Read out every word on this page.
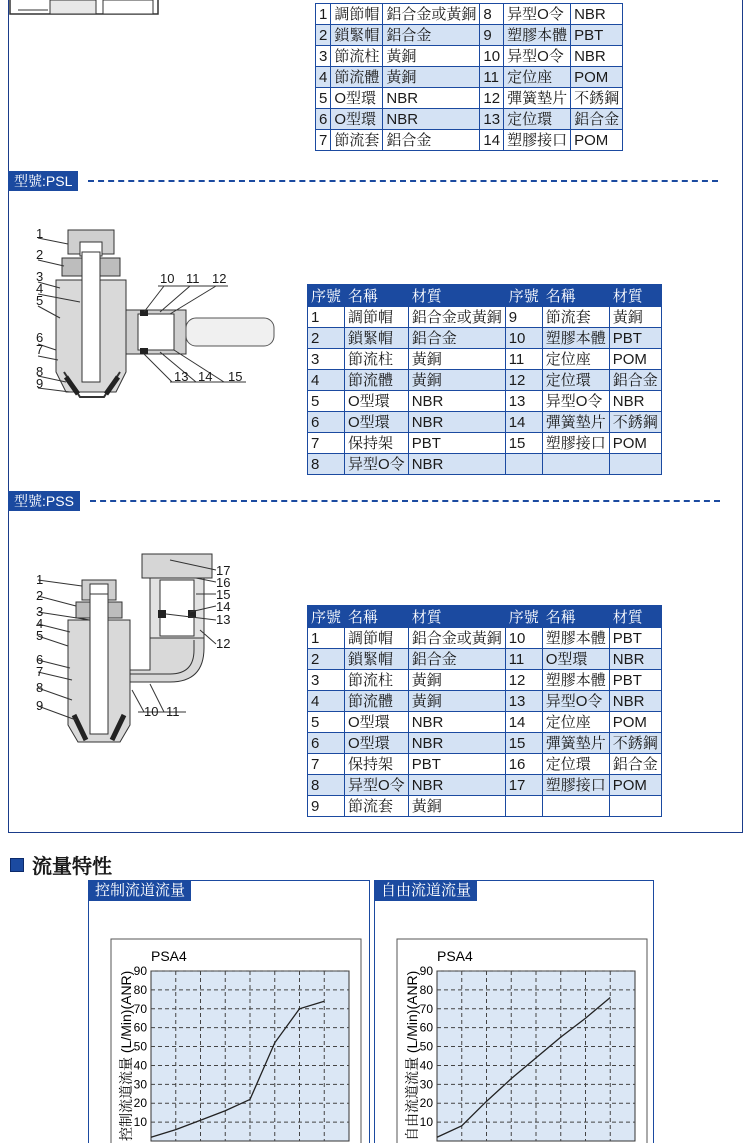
1	調節帽	鋁合金或黃銅	8	异型O令	NBR
2	鎖緊帽	鋁合金	9	塑膠本體	PBT
3	節流柱	黃銅	10	异型O令	NBR
4	節流體	黃銅	11	定位座	POM
5	O型環	NBR	12	彈簧墊片	不銹鋼
6	O型環	NBR	13	定位環	鋁合金
7	節流套	鋁合金	14	塑膠接口	POM
型號:PSL
1
2
3
4
5
6
7
8
9
10 11 12
13 14 15
序號	名稱	材質	序號	名稱	材質
1	調節帽	鋁合金或黃銅	9	節流套	黃銅
2	鎖緊帽	鋁合金	10	塑膠本體	PBT
3	節流柱	黃銅	11	定位座	POM
4	節流體	黃銅	12	定位環	鋁合金
5	O型環	NBR	13	异型O令	NBR
6	O型環	NBR	14	彈簧墊片	不銹鋼
7	保持架	PBT	15	塑膠接口	POM
8	异型O令	NBR			
型號:PSS
1
2
3
4
5
6
7
8
9
17
16
15
14
13
12
10 11
序號	名稱	材質	序號	名稱	材質
1	調節帽	鋁合金或黃銅	10	塑膠本體	PBT
2	鎖緊帽	鋁合金	11	O型環	NBR
3	節流柱	黃銅	12	塑膠本體	PBT
4	節流體	黃銅	13	异型O令	NBR
5	O型環	NBR	14	定位座	POM
6	O型環	NBR	15	彈簧墊片	不銹鋼
7	保持架	PBT	16	定位環	鋁合金
8	异型O令	NBR	17	塑膠接口	POM
9	節流套	黃銅			
流量特性
控制流道流量
10
20
30
40
50
60
70
80
90
PSA4
控制流道流量 (L/Min)(ANR)
自由流道流量
10
20
30
40
50
60
70
80
90
PSA4
自由流道流量 (L/Min)(ANR)
